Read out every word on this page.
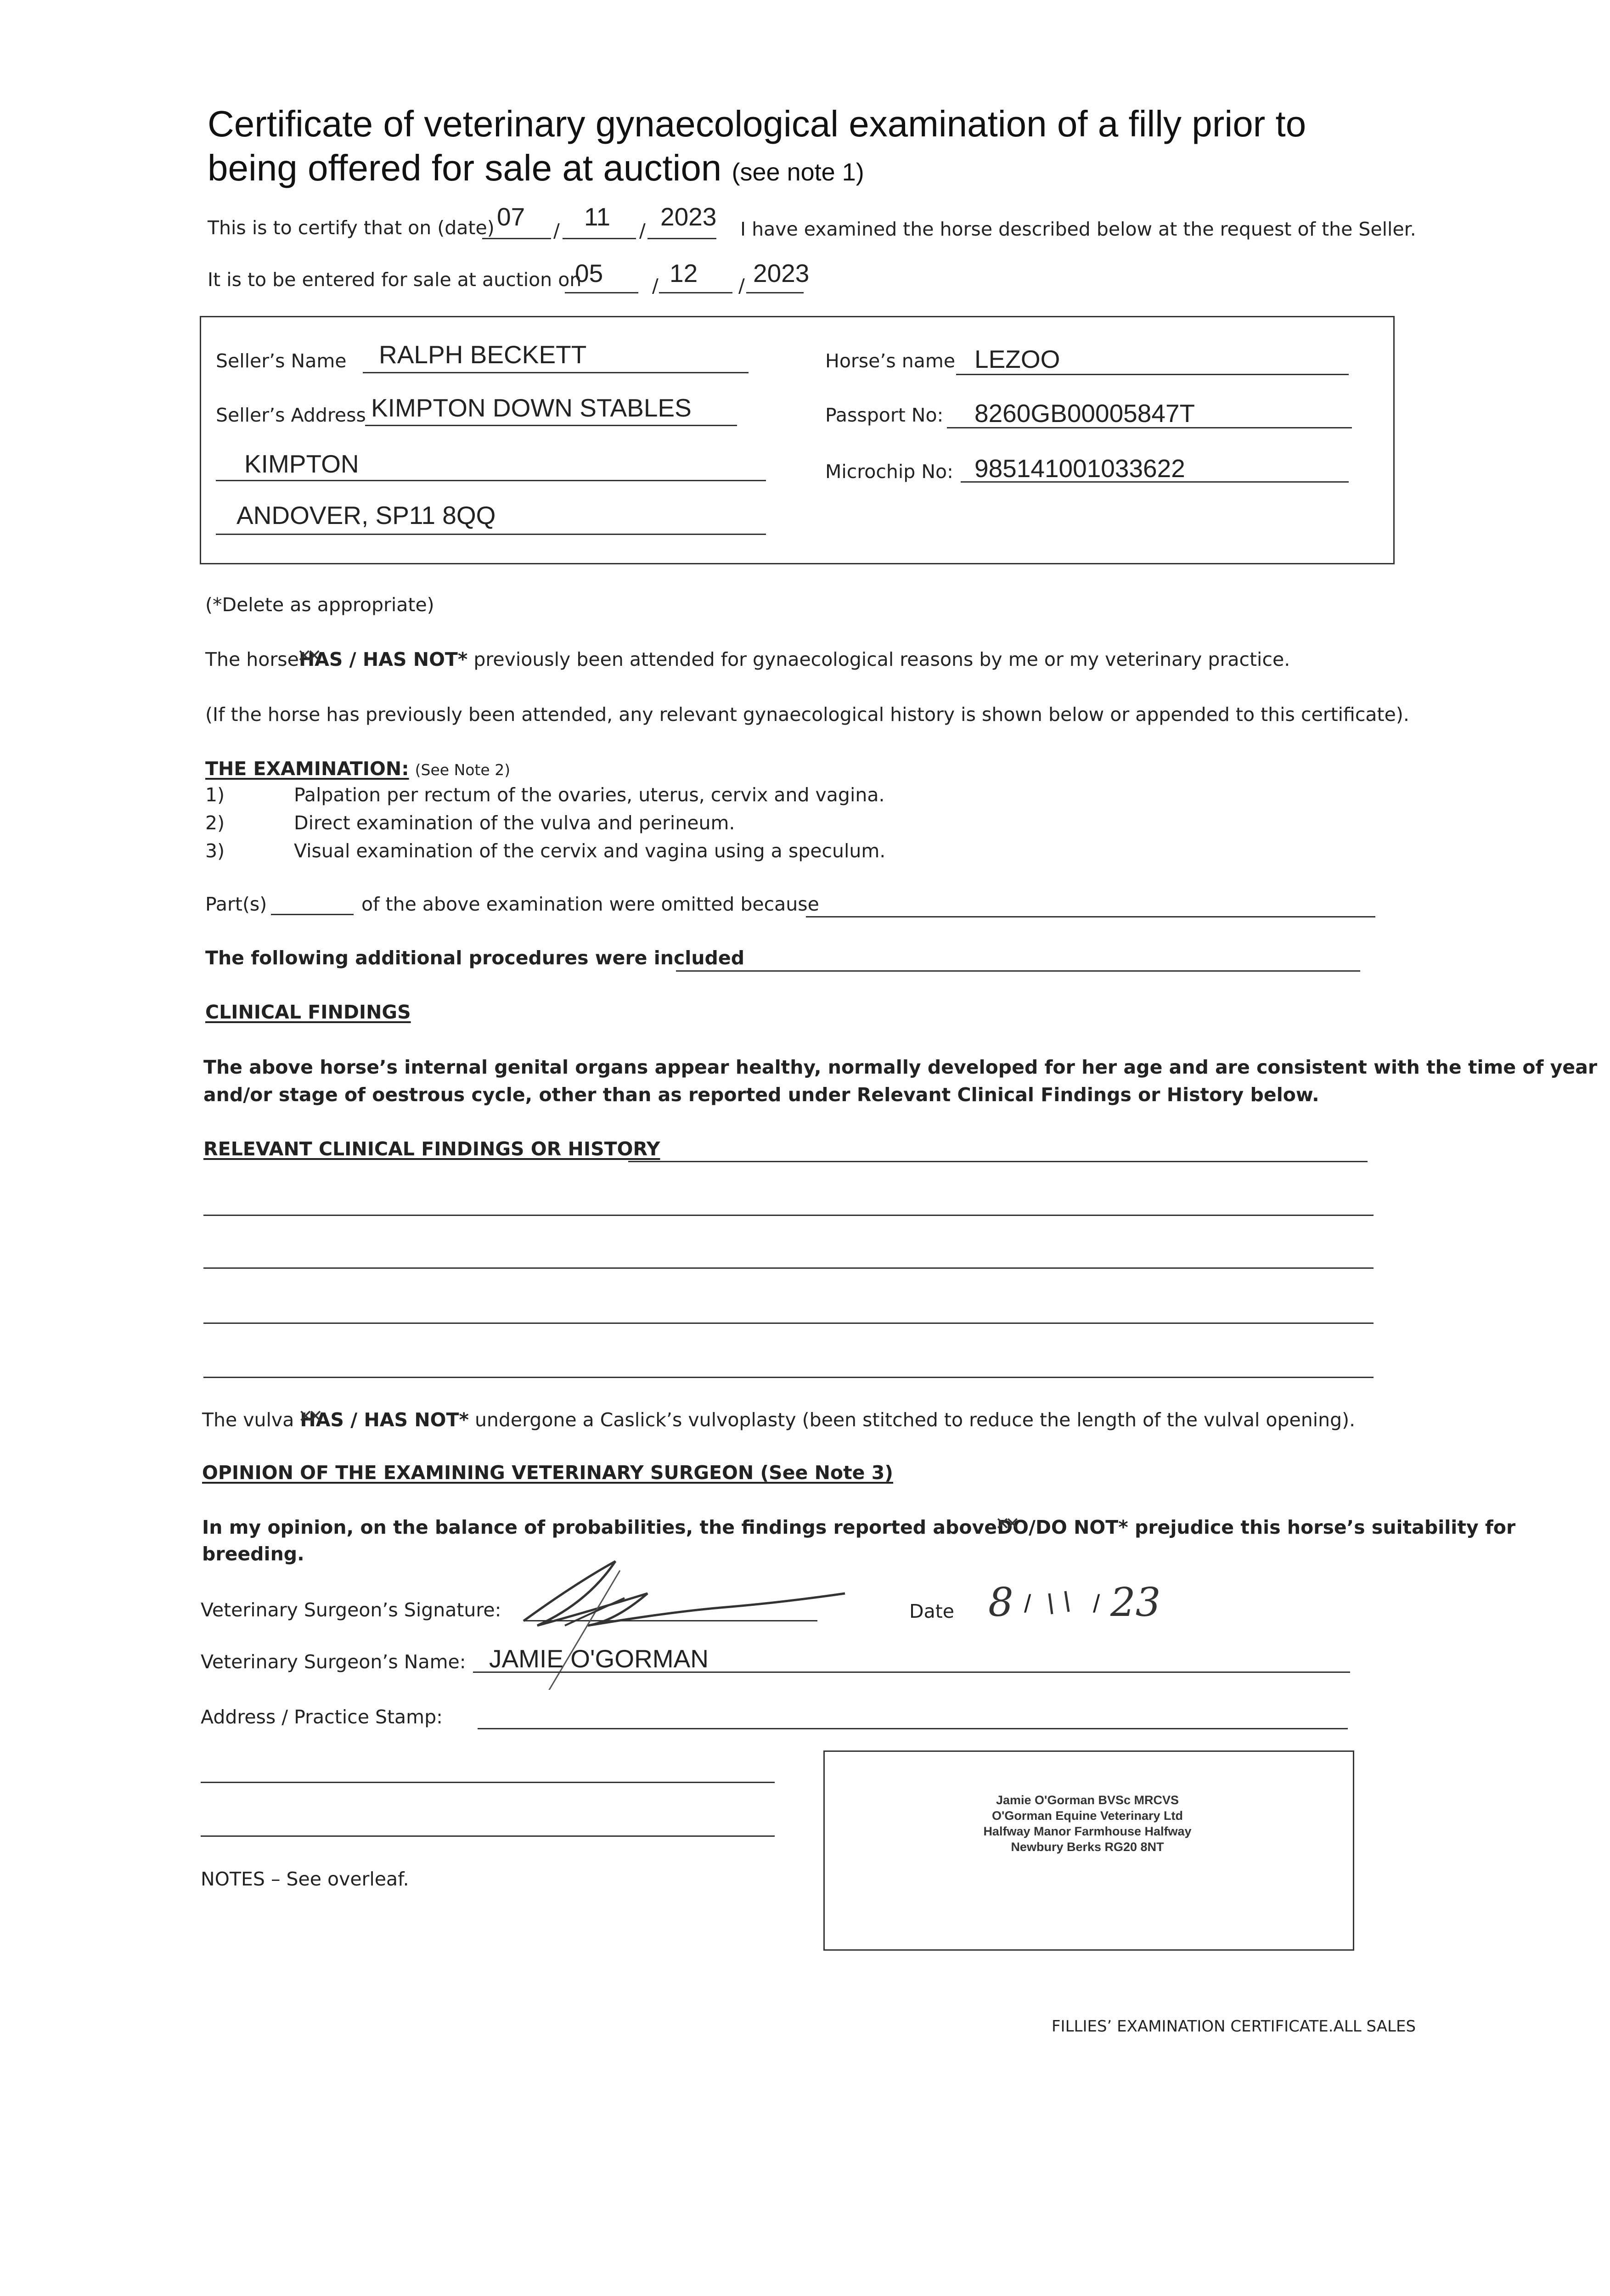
Certificate of veterinary gynaecological examination of a filly prior to
being offered for sale at auction (see note 1)
This is to certify that on (date) 07 / 11 / 2023 I have examined the horse described below at the request of the Seller.
It is to be entered for sale at auction on
05	/ 12 / 2023
Seller’s Name RALPH BECKETT
Seller’s Address KIMPTON DOWN STABLES
KIMPTON
ANDOVER, SP11 8QQ
Horse’s name LEZOO
Passport No: 8260GB00005847T
Microchip No: 985141001033622
(*Delete as appropriate)
The horseHAS ✕✕ / HAS NOT* previously been attended for gynaecological reasons by me or my veterinary practice.
(If the horse has previously been attended, any relevant gynaecological history is shown below or appended to this certificate).
THE EXAMINATION: (See Note 2)
1)	Palpation per rectum of the ovaries, uterus, cervix and vagina.
2)	Direct examination of the vulva and perineum.
3)	Visual examination of the cervix and vagina using a speculum.
Part(s)	of the above examination were omitted because
The following additional procedures were included
CLINICAL FINDINGS
The above horse’s internal genital organs appear healthy, normally developed for her age and are consistent with the time of year
and/or stage of oestrous cycle, other than as reported under Relevant Clinical Findings or History below.
RELEVANT CLINICAL FINDINGS OR HISTORY
The vulva HAS ✕✕ / HAS NOT* undergone a Caslick’s vulvoplasty (been stitched to reduce the length of the vulval opening).
OPINION OF THE EXAMINING VETERINARY SURGEON (See Note 3)
In my opinion, on the balance of probabilities, the findings reported aboveDO ✕✕/DO NOT* prejudice this horse’s suitability for
breeding.
Veterinary Surgeon’s Signature:	Date 8 / / 23
Veterinary Surgeon’s Name: JAMIE O'GORMAN
Address / Practice Stamp:
Jamie O'Gorman BVSc MRCVS
O'Gorman Equine Veterinary Ltd
Halfway Manor Farmhouse Halfway
Newbury Berks RG20 8NT
NOTES – See overleaf.
FILLIES’ EXAMINATION CERTIFICATE.ALL SALES
